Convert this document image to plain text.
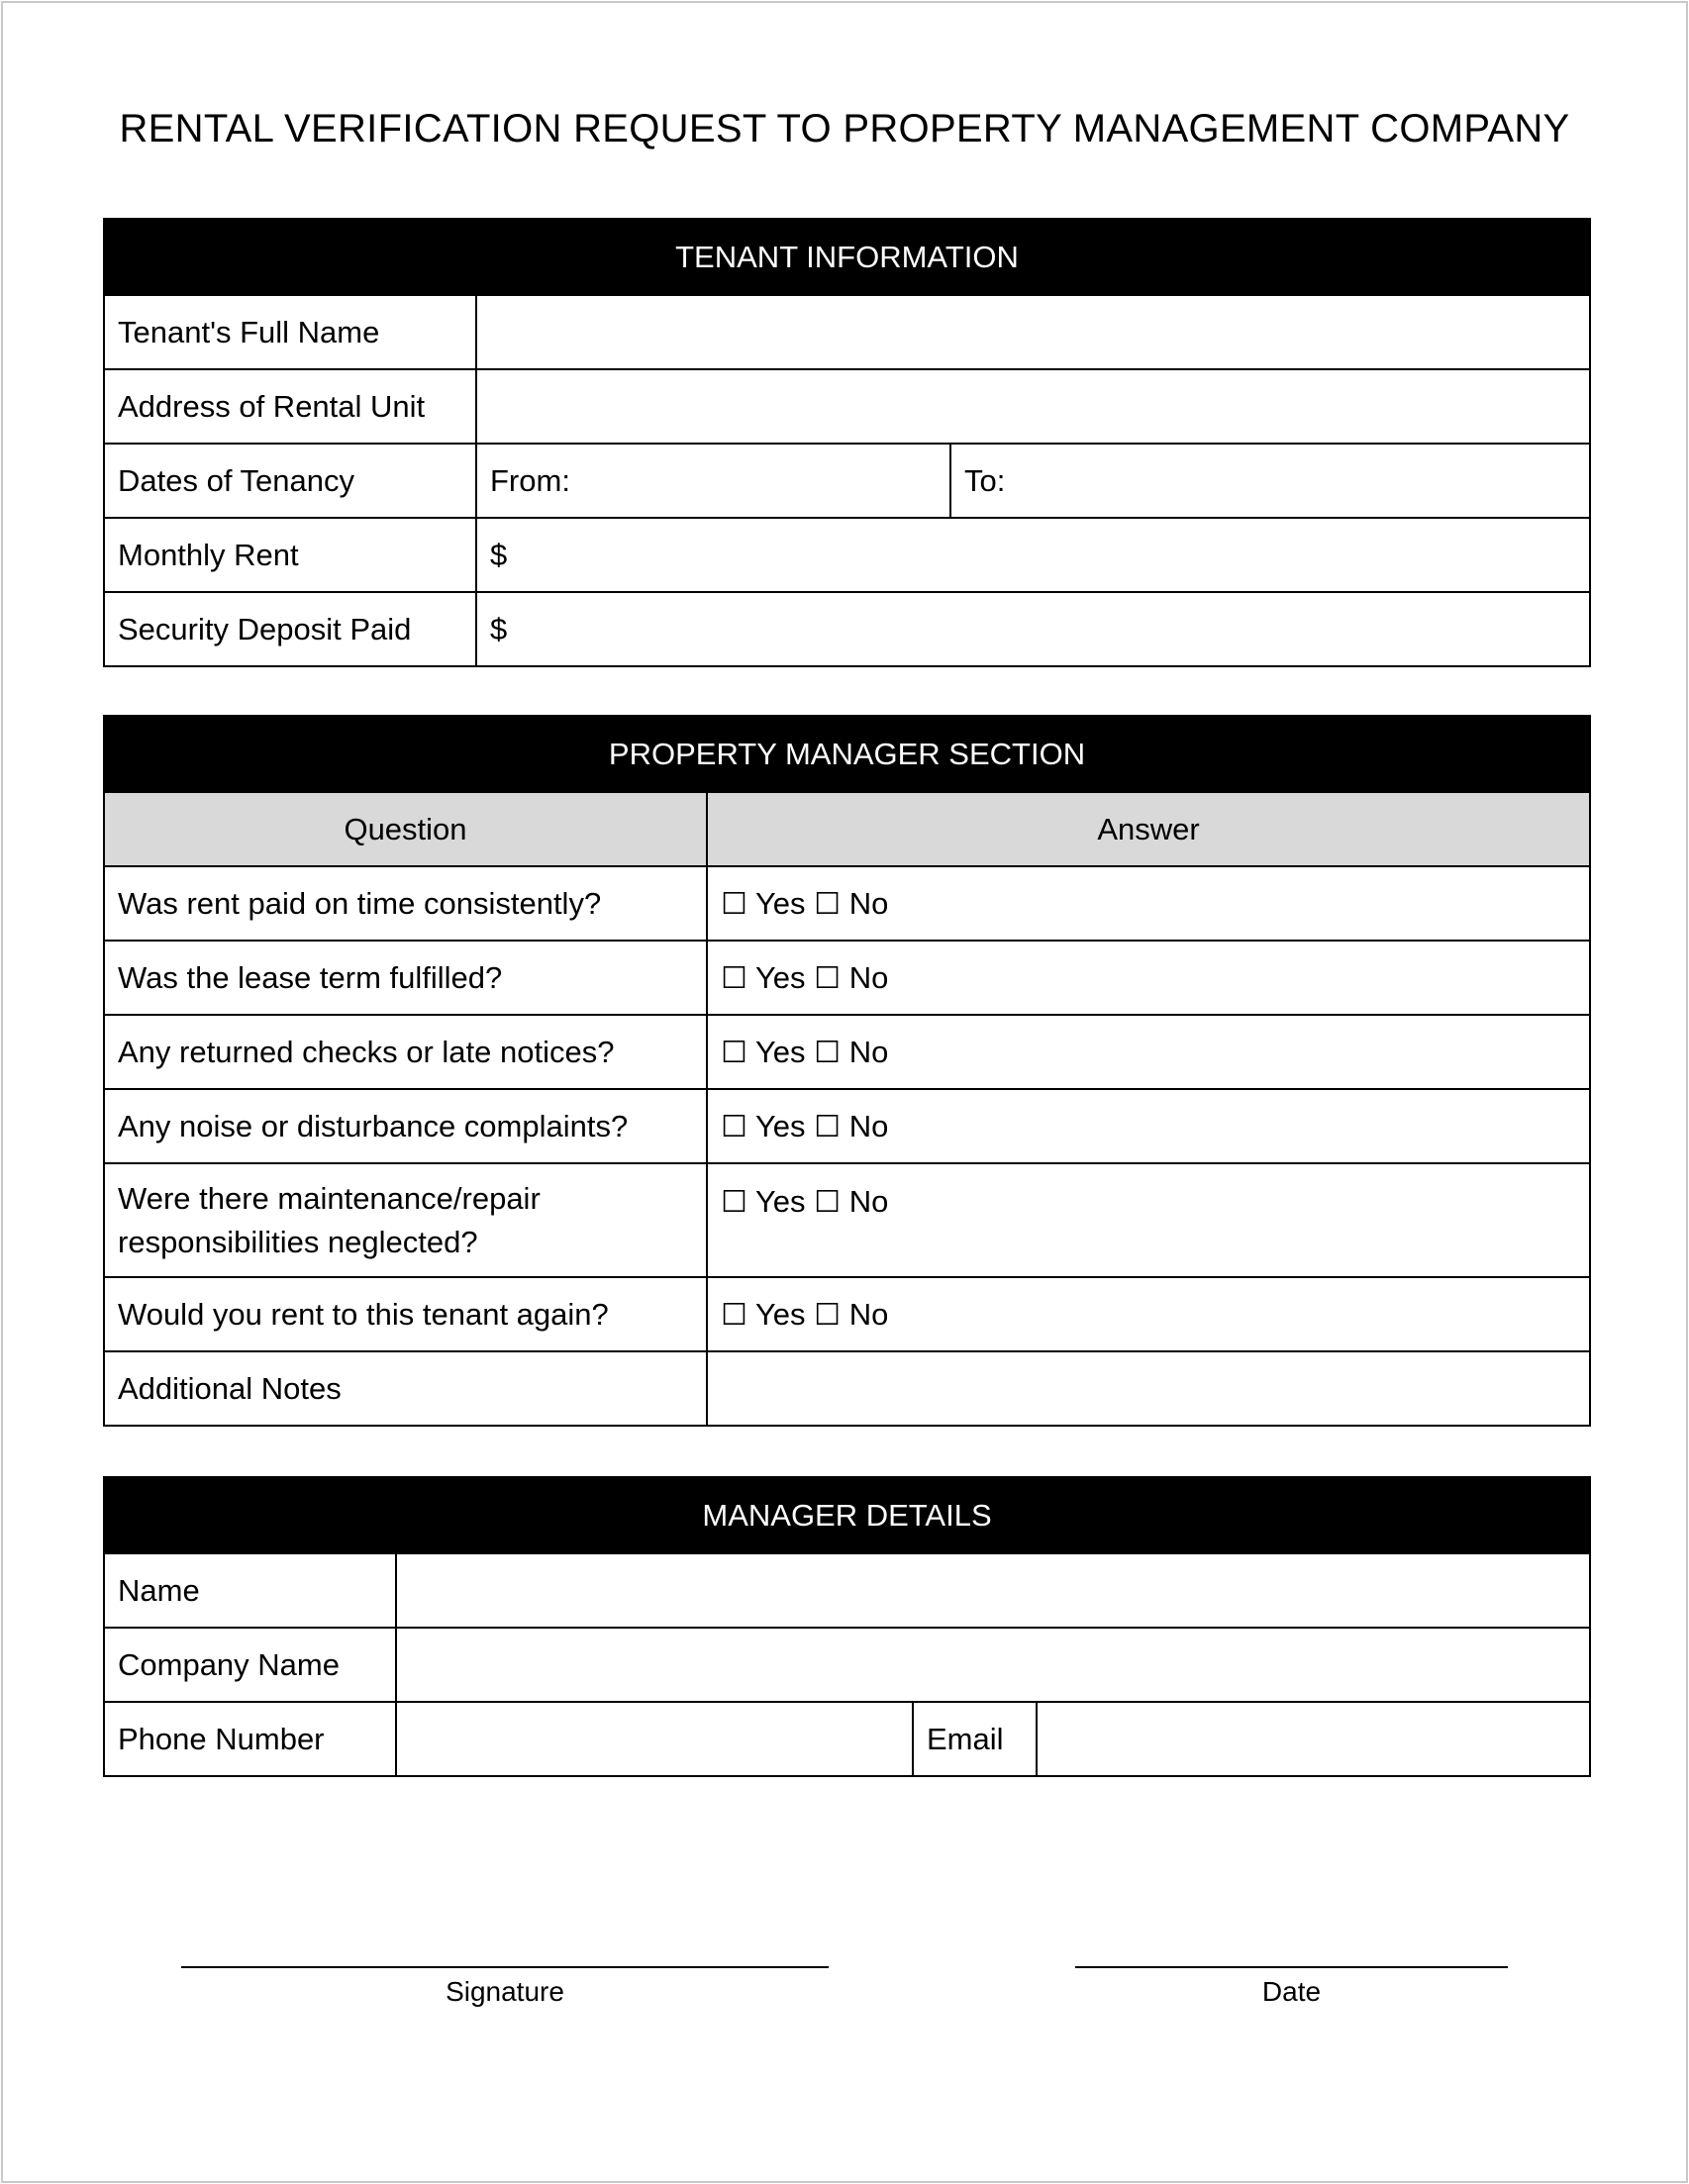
RENTAL VERIFICATION REQUEST TO PROPERTY MANAGEMENT COMPANY
TENANT INFORMATION		
Tenant's Full Name		
Address of Rental Unit		
Dates of Tenancy	From:	To:
Monthly Rent	$	
Security Deposit Paid	$	
PROPERTY MANAGER SECTION	
Question	Answer
Was rent paid on time consistently?	☐ Yes ☐ No
Was the lease term fulfilled?	☐ Yes ☐ No
Any returned checks or late notices?	☐ Yes ☐ No
Any noise or disturbance complaints?	☐ Yes ☐ No
Were there maintenance/repair responsibilities neglected?	☐ Yes ☐ No
Would you rent to this tenant again?	☐ Yes ☐ No
Additional Notes	
MANAGER DETAILS			
Name			
Company Name			
Phone Number		Email	
Signature	Date
